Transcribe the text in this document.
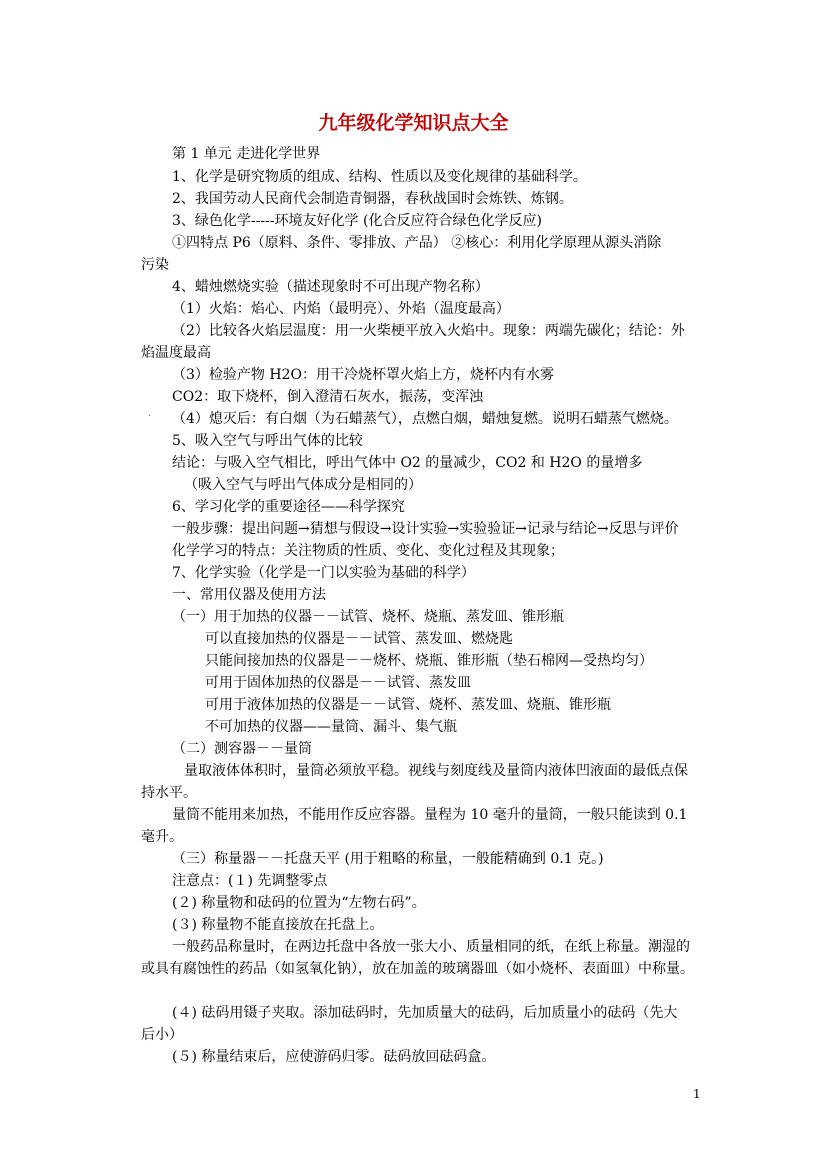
九年级化学知识点大全
第 1 单元 走进化学世界
1、化学是研究物质的组成、结构、性质以及变化规律的基础科学。
2、我国劳动人民商代会制造青铜器，春秋战国时会炼铁、炼钢。
3、绿色化学-----环境友好化学 (化合反应符合绿色化学反应)
①四特点 P6（原料、条件、零排放、产品） ②核心：利用化学原理从源头消除
污染
4、蜡烛燃烧实验（描述现象时不可出现产物名称）
（1）火焰：焰心、内焰（最明亮）、外焰（温度最高）
（2）比较各火焰层温度：用一火柴梗平放入火焰中。现象：两端先碳化；结论：外
焰温度最高
（3）检验产物 H2O：用干冷烧杯罩火焰上方，烧杯内有水雾
CO2：取下烧杯，倒入澄清石灰水，振荡，变浑浊
. （4）熄灭后：有白烟（为石蜡蒸气），点燃白烟，蜡烛复燃。说明石蜡蒸气燃烧。
5、吸入空气与呼出气体的比较
结论：与吸入空气相比，呼出气体中 O2 的量减少，CO2 和 H2O 的量增多
（吸入空气与呼出气体成分是相同的）
6、学习化学的重要途径——科学探究
一般步骤：提出问题→猜想与假设→设计实验→实验验证→记录与结论→反思与评价
化学学习的特点：关注物质的性质、变化、变化过程及其现象；
7、化学实验（化学是一门以实验为基础的科学）
一、常用仪器及使用方法
（一）用于加热的仪器－－试管、烧杯、烧瓶、蒸发皿、锥形瓶
可以直接加热的仪器是－－试管、蒸发皿、燃烧匙
只能间接加热的仪器是－－烧杯、烧瓶、锥形瓶（垫石棉网—受热均匀）
可用于固体加热的仪器是－－试管、蒸发皿
可用于液体加热的仪器是－－试管、烧杯、蒸发皿、烧瓶、锥形瓶
不可加热的仪器——量筒、漏斗、集气瓶
（二）测容器－－量筒
量取液体体积时，量筒必须放平稳。视线与刻度线及量筒内液体凹液面的最低点保
持水平。
量筒不能用来加热，不能用作反应容器。量程为 10 毫升的量筒，一般只能读到 0.1
毫升。
（三）称量器－－托盘天平 (用于粗略的称量，一般能精确到 0.1 克。)
注意点：(１) 先调整零点
(２) 称量物和砝码的位置为“左物右码”。
(３) 称量物不能直接放在托盘上。
一般药品称量时，在两边托盘中各放一张大小、质量相同的纸，在纸上称量。潮湿的
或具有腐蚀性的药品（如氢氧化钠），放在加盖的玻璃器皿（如小烧杯、表面皿）中称量。
(４) 砝码用镊子夹取。添加砝码时，先加质量大的砝码，后加质量小的砝码（先大
后小）
(５) 称量结束后，应使游码归零。砝码放回砝码盒。
1
